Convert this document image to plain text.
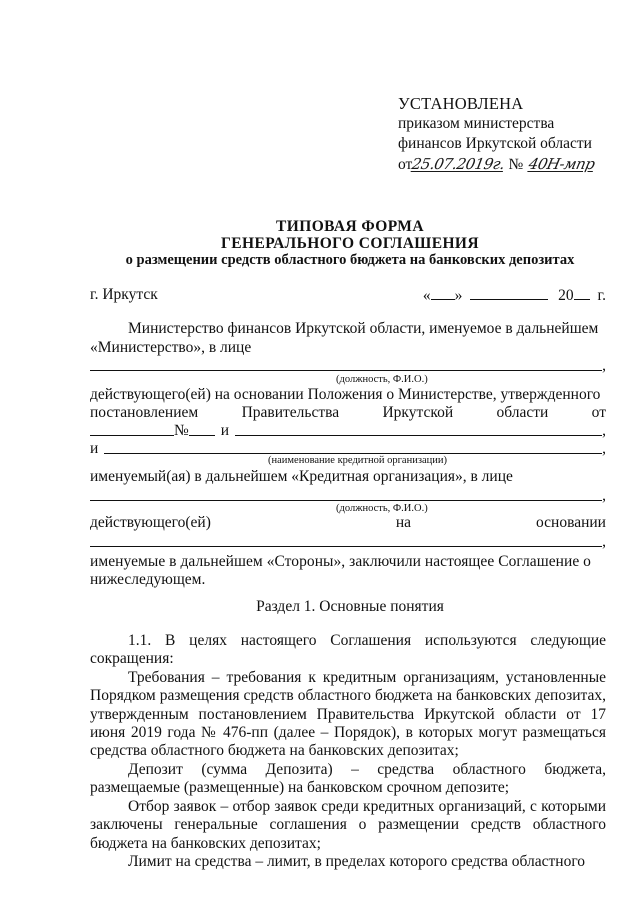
УСТАНОВЛЕНА
приказом министерства
финансов Иркутской области
от25.07.2019г. № 40Н-мпр
ТИПОВАЯ ФОРМА
ГЕНЕРАЛЬНОГО СОГЛАШЕНИЯ
о размещении средств областного бюджета на банковских депозитах
г. Иркутск	« »	20 г.
Министерство финансов Иркутской области, именуемое в дальнейшем
«Министерство», в лице
,
(должность, Ф.И.О.)
действующего(ей) на основании Положения о Министерстве, утвержденного
постановлением	Правительства	Иркутской	области	от
№ и	,
и	,
(наименование кредитной организации)
именуемый(ая) в дальнейшем «Кредитная организация», в лице
,
(должность, Ф.И.О.)
действующего(ей)	на	основании
,
именуемые в дальнейшем «Стороны», заключили настоящее Соглашение о
нижеследующем.
Раздел 1. Основные понятия
1.1. В целях настоящего Соглашения используются следующие сокращения:
Требования – требования к кредитным организациям, установленные Порядком размещения средств областного бюджета на банковских депозитах, утвержденным постановлением Правительства Иркутской области от 17 июня 2019 года № 476-пп (далее – Порядок), в которых могут размещаться средства областного бюджета на банковских депозитах;
Депозит (сумма Депозита) – средства областного бюджета, размещаемые (размещенные) на банковском срочном депозите;
Отбор заявок – отбор заявок среди кредитных организаций, с которыми заключены генеральные соглашения о размещении средств областного бюджета на банковских депозитах;
Лимит на средства – лимит, в пределах которого средства областного
